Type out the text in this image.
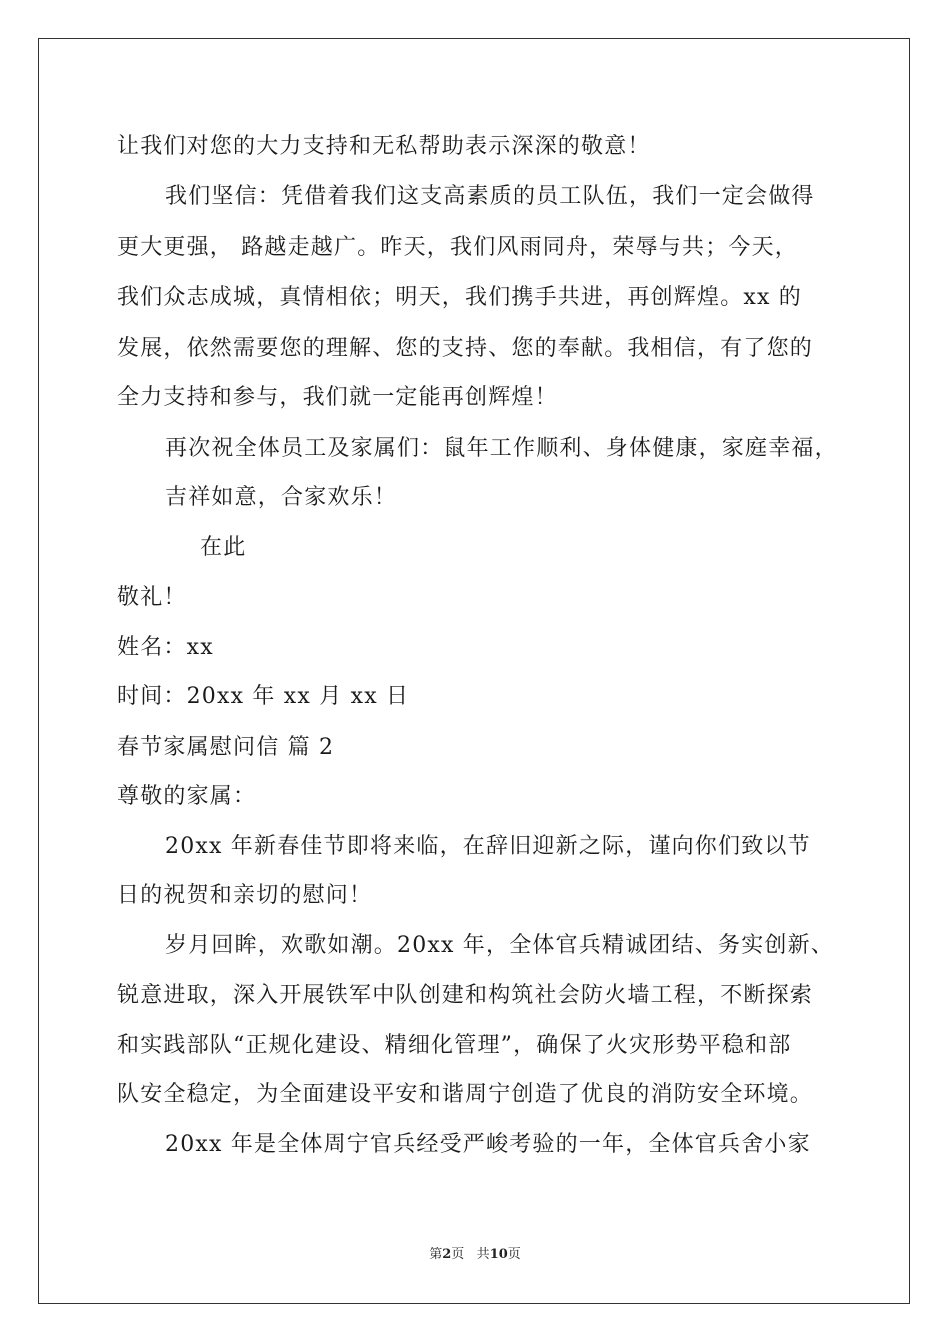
让我们对您的大力支持和无私帮助表示深深的敬意！
我们坚信：凭借着我们这支高素质的员工队伍，我们一定会做得
更大更强， 路越走越广。昨天，我们风雨同舟，荣辱与共；今天，
我们众志成城，真情相依；明天，我们携手共进，再创辉煌。xx 的
发展，依然需要您的理解、您的支持、您的奉献。我相信，有了您的
全力支持和参与，我们就一定能再创辉煌！
再次祝全体员工及家属们：鼠年工作顺利、身体健康，家庭幸福，
吉祥如意，合家欢乐！
在此
敬礼！
姓名：xx
时间：20xx 年 xx 月 xx 日
春节家属慰问信 篇 2
尊敬的家属：
20xx 年新春佳节即将来临，在辞旧迎新之际，谨向你们致以节
日的祝贺和亲切的慰问！
岁月回眸，欢歌如潮。20xx 年，全体官兵精诚团结、务实创新、
锐意进取，深入开展铁军中队创建和构筑社会防火墙工程，不断探索
和实践部队“正规化建设、精细化管理”，确保了火灾形势平稳和部
队安全稳定，为全面建设平安和谐周宁创造了优良的消防安全环境。
20xx 年是全体周宁官兵经受严峻考验的一年，全体官兵舍小家
第2页 共10页
